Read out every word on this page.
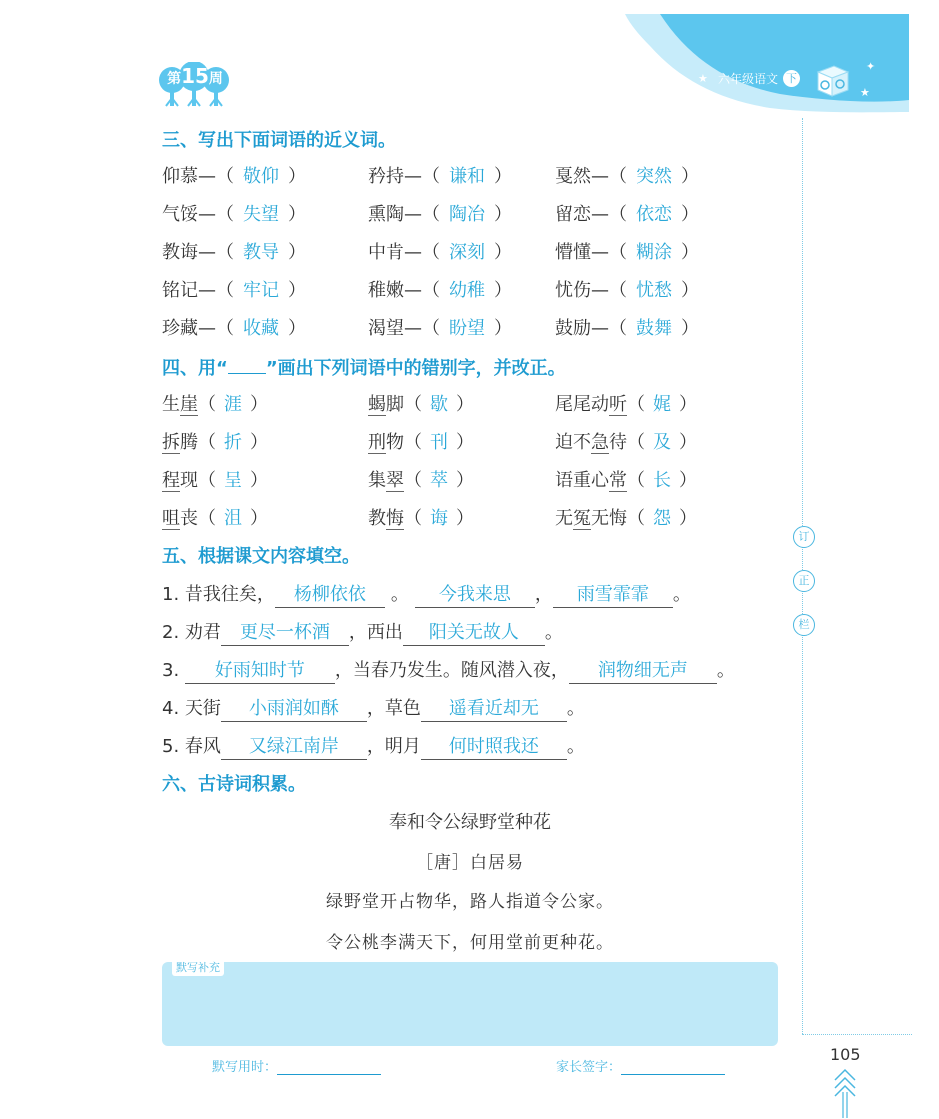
★
✦
★
六年级语文 下
第15周
订
正
栏
三、写出下面词语的近义词。
仰慕—（ 敬仰 ）	矜持—（ 谦和 ） 戛然—（ 突然 ）
气馁—（ 失望 ）	熏陶—（ 陶冶 ） 留恋—（ 依恋 ）
教诲—（ 教导 ）	中肯—（ 深刻 ） 懵懂—（ 糊涂 ）
铭记—（ 牢记 ）	稚嫩—（ 幼稚 ） 忧伤—（ 忧愁 ）
珍藏—（ 收藏 ）	渴望—（ 盼望 ） 鼓励—（ 鼓舞 ）
四、用“ ”画出下列词语中的错别字，并改正。
生崖（ 涯 ）	蝎脚（ 歇 ）	尾尾动听（ 娓 ）
拆腾（ 折 ）	刑物（ 刊 ）	迫不急待（ 及 ）
程现（ 呈 ）	集翠（ 萃 ）	语重心常（ 长 ）
咀丧（ 沮 ）	教悔（ 诲 ）	无冤无悔（ 怨 ）
五、根据课文内容填空。
1. 昔我往矣， 杨柳依依 。 今我来思 ， 雨雪霏霏 。
2. 劝君 更尽一杯酒 ，西出 阳关无故人 。
3. 好雨知时节 ，当春乃发生。随风潜入夜， 润物细无声 。
4. 天街 小雨润如酥 ，草色 遥看近却无 。
5. 春风 又绿江南岸 ，明月 何时照我还 。
六、古诗词积累。
奉和令公绿野堂种花
［唐］白居易
绿野堂开占物华，路人指道令公家。
令公桃李满天下，何用堂前更种花。
默写补充
默写用时：	家长签字：
105
